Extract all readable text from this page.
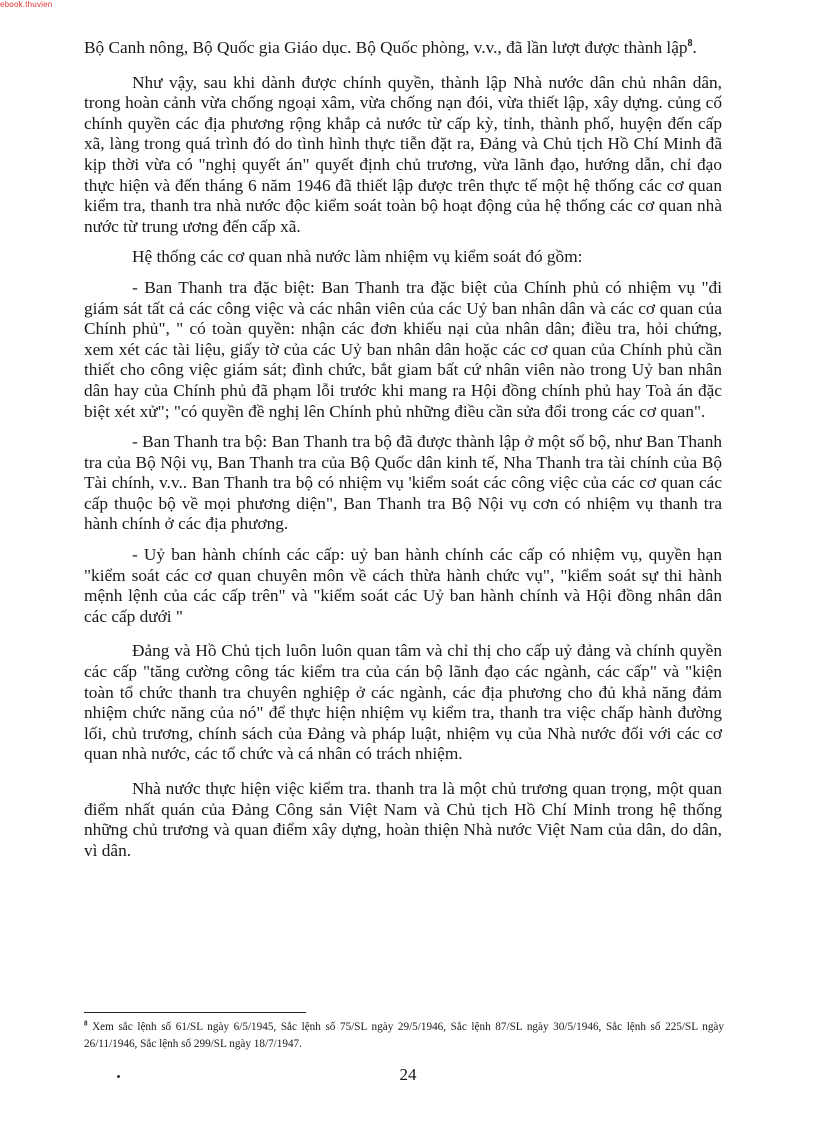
ebook.thuvien

Bộ Canh nông, Bộ Quốc gia Giáo dục. Bộ Quốc phòng, v.v., đã lần lượt được thành lập$^8$.

Như vậy, sau khi dành được chính quyền, thành lập Nhà nước dân chủ nhân dân, trong hoàn cảnh vừa chống ngoại xâm, vừa chống nạn đói, vừa thiết lập, xây dựng. củng cố chính quyền các địa phương rộng khắp cả nước từ cấp kỳ, tỉnh, thành phố, huyện đến cấp xã, làng trong quá trình đó do tình hình thực tiễn đặt ra, Đảng và Chủ tịch Hồ Chí Minh đã kịp thời vừa có "nghị quyết án" quyết định chủ trương, vừa lãnh đạo, hướng dẫn, chỉ đạo thực hiện và đến tháng 6 năm 1946 đã thiết lập được trên thực tế một hệ thống các cơ quan kiểm tra, thanh tra nhà nước độc kiểm soát toàn bộ hoạt động của hệ thống các cơ quan nhà nước từ trung ương đến cấp xã.

Hệ thống các cơ quan nhà nước làm nhiệm vụ kiểm soát đó gồm:

- Ban Thanh tra đặc biệt: Ban Thanh tra đặc biệt của Chính phủ có nhiệm vụ "đi giám sát tất cả các công việc và các nhân viên của các Uỷ ban nhân dân và các cơ quan của Chính phủ", " có toàn quyền: nhận các đơn khiếu nại của nhân dân; điều tra, hỏi chứng, xem xét các tài liệu, giấy tờ của các Uỷ ban nhân dân hoặc các cơ quan của Chính phủ cần thiết cho công việc giám sát; đình chức, bắt giam bất cứ nhân viên nào trong Uỷ ban nhân dân hay của Chính phủ đã phạm lỗi trước khi mang ra Hội đồng chính phủ hay Toà án đặc biệt xét xử"; "có quyền đề nghị lên Chính phủ những điều cần sửa đổi trong các cơ quan".

- Ban Thanh tra bộ: Ban Thanh tra bộ đã được thành lập ở một số bộ, như Ban Thanh tra của Bộ Nội vụ, Ban Thanh tra của Bộ Quốc dân kinh tế, Nha Thanh tra tài chính của Bộ Tài chính, v.v.. Ban Thanh tra bộ có nhiệm vụ 'kiểm soát các công việc của các cơ quan các cấp thuộc bộ về mọi phương diện", Ban Thanh tra Bộ Nội vụ cơn có nhiệm vụ thanh tra hành chính ở các địa phương.

- Uỷ ban hành chính các cấp: uỷ ban hành chính các cấp có nhiệm vụ, quyền hạn "kiểm soát các cơ quan chuyên môn về cách thừa hành chức vụ", "kiểm soát sự thi hành mệnh lệnh của các cấp trên" và "kiểm soát các Uỷ ban hành chính và Hội đồng nhân dân các cấp dưới "

Đảng và Hồ Chủ tịch luôn luôn quan tâm và chỉ thị cho cấp uỷ đảng và chính quyền các cấp "tăng cường công tác kiểm tra của cán bộ lãnh đạo các ngành, các cấp" và "kiện toàn tổ chức thanh tra chuyên nghiệp ở các ngành, các địa phương cho đủ khả năng đảm nhiệm chức năng của nó" để thực hiện nhiệm vụ kiểm tra, thanh tra việc chấp hành đường lối, chủ trương, chính sách của Đảng và pháp luật, nhiệm vụ của Nhà nước đối với các cơ quan nhà nước, các tổ chức và cá nhân có trách nhiệm.

Nhà nước thực hiện việc kiểm tra. thanh tra là một chủ trương quan trọng, một quan điểm nhất quán của Đảng Công sản Việt Nam và Chủ tịch Hồ Chí Minh trong hệ thống những chủ trương và quan điểm xây dựng, hoàn thiện Nhà nước Việt Nam của dân, do dân, vì dân.

$^8$ Xem sắc lệnh số 61/SL ngày 6/5/1945, Sắc lệnh số 75/SL ngày 29/5/1946, Sắc lệnh 87/SL ngày 30/5/1946, Sắc lệnh số 225/SL ngày 26/11/1946, Sắc lệnh số 299/SL ngày 18/7/1947.
24
